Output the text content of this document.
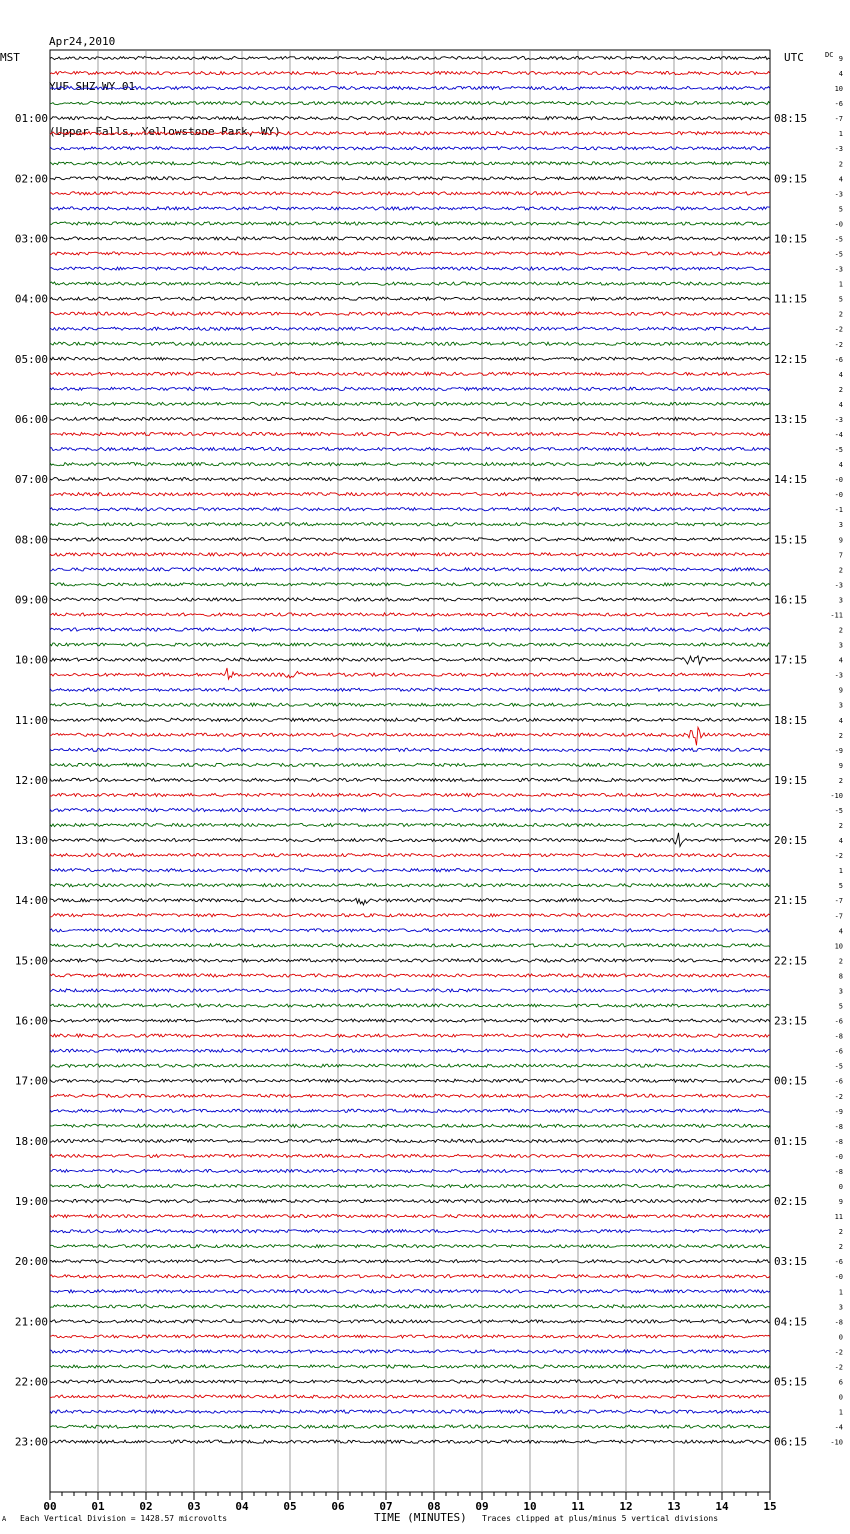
Apr24,2010

YUF SHZ WY 01

(Upper Falls, Yellowstone Park, WY)

00	01	02	03	04	05	06	07	08	09	10	11	12	13	14	15
9
4
10
-6
-7
1
-3
2
4
-3
5
-0
-5
-5
-3
1
5
2
-2
-2
-6
4
2
4
-3
-4
-5
4
-0
-0
-1
3
9
7
2
-3
3
-11
2
3
4
-3
9
3
4
2
-9
9
2
-10
-5
2
4
-2
1
5
-7
-7
4
10
2
8
3
5
-6
-8
-6
-5
-6
-2
-9
-8
-8
-0
-8
0
9
11
2
2
-6
-0
1
3
-8
0
-2
-2
6
0
1
-4
-10
01:00
02:00
03:00
04:00
05:00
06:00
07:00
08:00
09:00
10:00
11:00
12:00
13:00
14:00
15:00
16:00
17:00
18:00
19:00
20:00
21:00
22:00
23:00
08:15
09:15
10:15
11:15
12:15
13:15
14:15
15:15
16:15
17:15
18:15
19:15
20:15
21:15
22:15
23:15
00:15
01:15
02:15
03:15
04:15
05:15
06:15
MST	UTC	DC
A Each Vertical Division = 1428.57 microvolts	TIME (MINUTES) Traces clipped at plus/minus 5 vertical divisions
